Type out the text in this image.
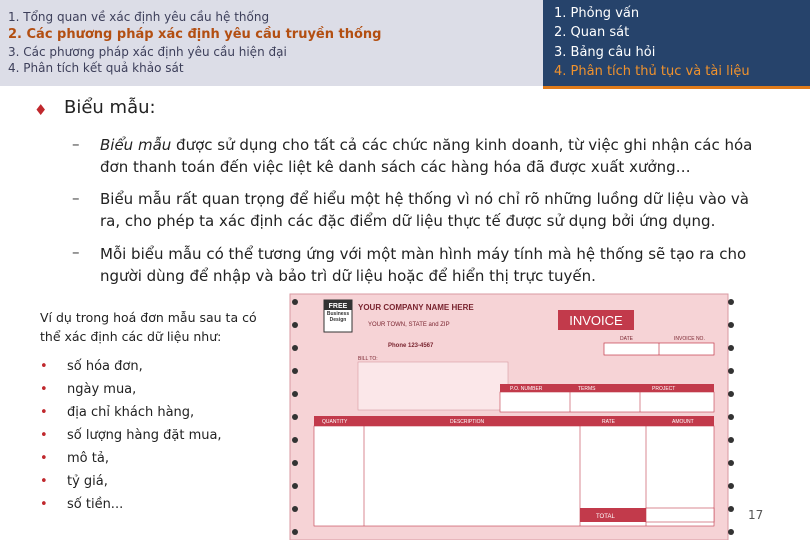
1. Tổng quan về xác định yêu cầu hệ thống
2. Các phương pháp xác định yêu cầu truyền thống
3. Các phương pháp xác định yêu cầu hiện đại
4. Phân tích kết quả khảo sát
1. Phỏng vấn
2. Quan sát
3. Bảng câu hỏi
4. Phân tích thủ tục và tài liệu
♦ Biểu mẫu:
– Biểu mẫu được sử dụng cho tất cả các chức năng kinh doanh, từ việc ghi nhận các hóa đơn thanh toán đến việc liệt kê danh sách các hàng hóa đã được xuất xưởng…
– Biểu mẫu rất quan trọng để hiểu một hệ thống vì nó chỉ rõ những luồng dữ liệu vào và ra, cho phép ta xác định các đặc điểm dữ liệu thực tế được sử dụng bởi ứng dụng.
– Mỗi biểu mẫu có thể tương ứng với một màn hình máy tính mà hệ thống sẽ tạo ra cho người dùng để nhập và bảo trì dữ liệu hoặc để hiển thị trực tuyến.
Ví dụ trong hoá đơn mẫu sau ta có thể xác định các dữ liệu như:
• số hóa đơn,
• ngày mua,
• địa chỉ khách hàng,
• số lượng hàng đặt mua,
• mô tả,
• tỷ giá,
• số tiền...
FREE
Business Design
YOUR COMPANY NAME HERE
YOUR TOWN, STATE and ZIP
Phone 123-4567
INVOICE
DATE	INVOICE NO.
BILL TO:
P.O. NUMBER	TERMS	PROJECT
QUANTITY	DESCRIPTION	RATE	AMOUNT
TOTAL	17
